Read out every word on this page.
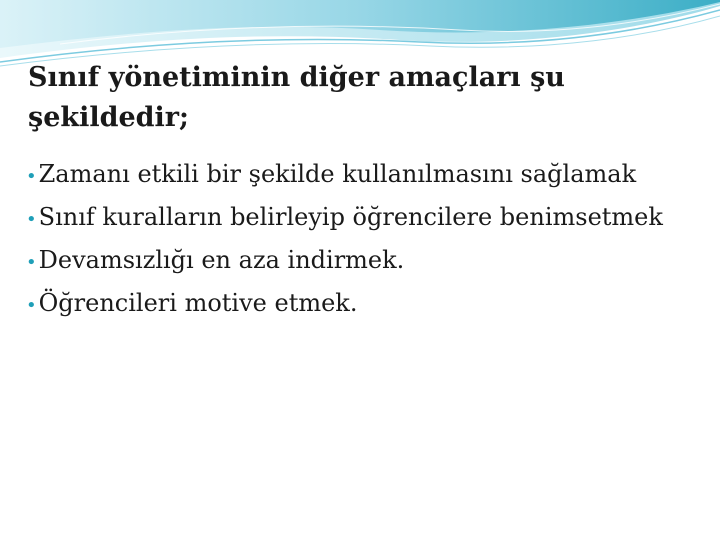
Sınıf yönetiminin diğer amaçları şu şekildedir;
•Zamanı etkili bir şekilde kullanılmasını sağlamak
•Sınıf kuralların belirleyip öğrencilere benimsetmek
•Devamsızlığı en aza indirmek.
•Öğrencileri motive etmek.
